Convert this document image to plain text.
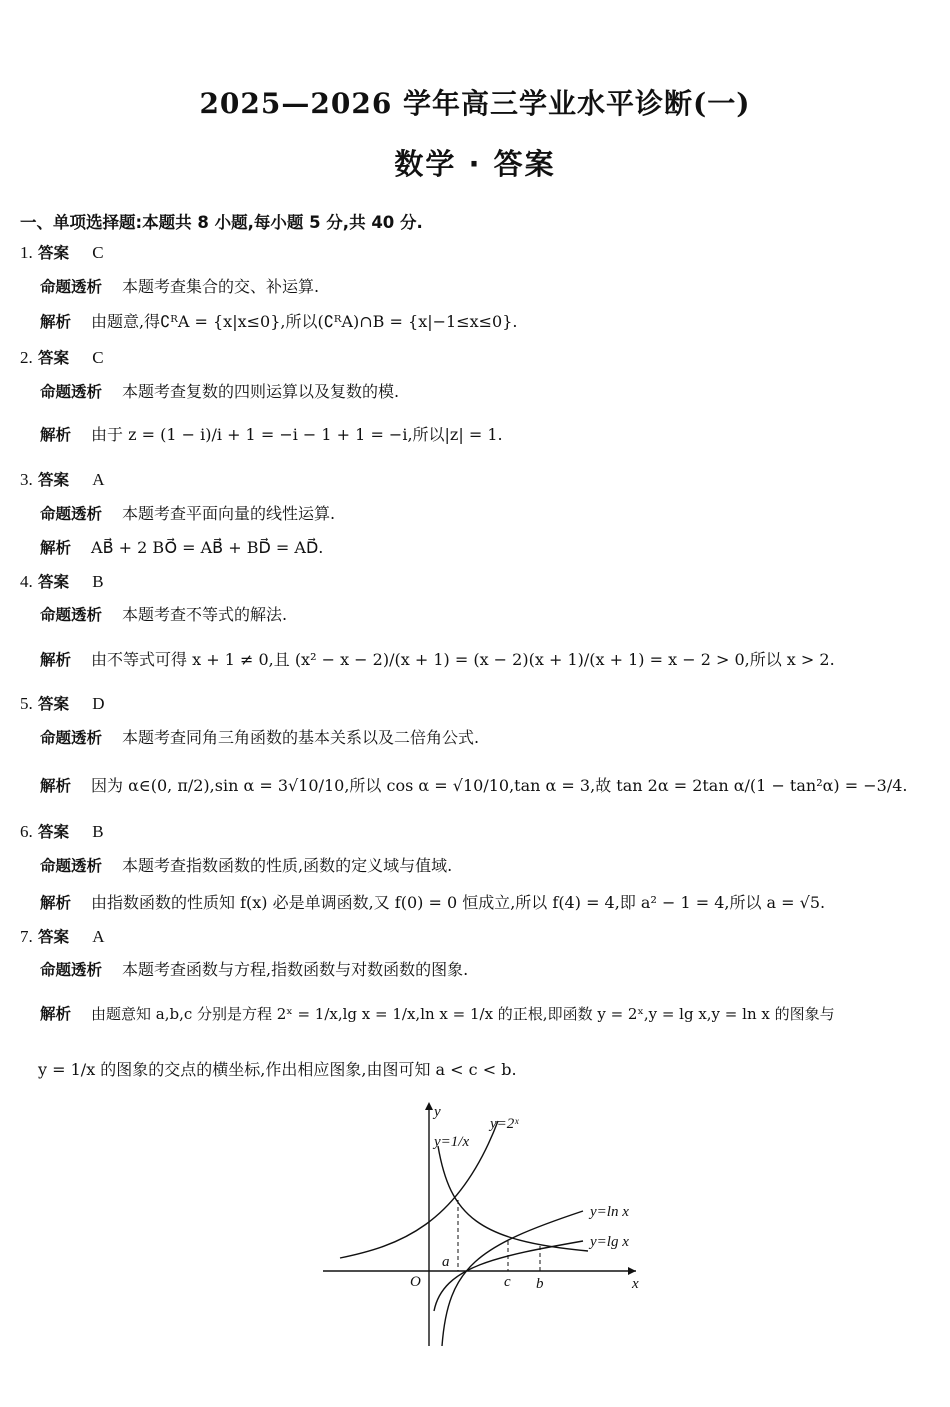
2025—2026 学年高三学业水平诊断(一)
数学 · 答案
一、单项选择题:本题共 8 小题,每小题 5 分,共 40 分.
1. 答案 C
命题透析 本题考查集合的交、补运算.
解析 由题意,得∁ᴿA = {x|x≤0},所以(∁ᴿA)∩B = {x|−1≤x≤0}.
2. 答案 C
命题透析 本题考查复数的四则运算以及复数的模.
解析 由于 z = (1 − i)/i + 1 = −i − 1 + 1 = −i,所以|z| = 1.
3. 答案 A
命题透析 本题考查平面向量的线性运算.
解析 AB⃗ + 2 BO⃗ = AB⃗ + BD⃗ = AD⃗.
4. 答案 B
命题透析 本题考查不等式的解法.
解析 由不等式可得 x + 1 ≠ 0,且 (x² − x − 2)/(x + 1) = (x − 2)(x + 1)/(x + 1) = x − 2 > 0,所以 x > 2.
5. 答案 D
命题透析 本题考查同角三角函数的基本关系以及二倍角公式.
解析 因为 α∈(0, π/2),sin α = 3√10/10,所以 cos α = √10/10,tan α = 3,故 tan 2α = 2tan α/(1 − tan²α) = −3/4.
6. 答案 B
命题透析 本题考查指数函数的性质,函数的定义域与值域.
解析 由指数函数的性质知 f(x) 必是单调函数,又 f(0) = 0 恒成立,所以 f(4) = 4,即 a² − 1 = 4,所以 a = √5.
7. 答案 A
命题透析 本题考查函数与方程,指数函数与对数函数的图象.
解析 由题意知 a,b,c 分别是方程 2ˣ = 1/x,lg x = 1/x,ln x = 1/x 的正根,即函数 y = 2ˣ,y = lg x,y = ln x 的图象与
y = 1/x 的图象的交点的横坐标,作出相应图象,由图可知 a < c < b.
y
x
O
y=2ˣ
y=1/x
y=ln x
y=lg x
a
c b
